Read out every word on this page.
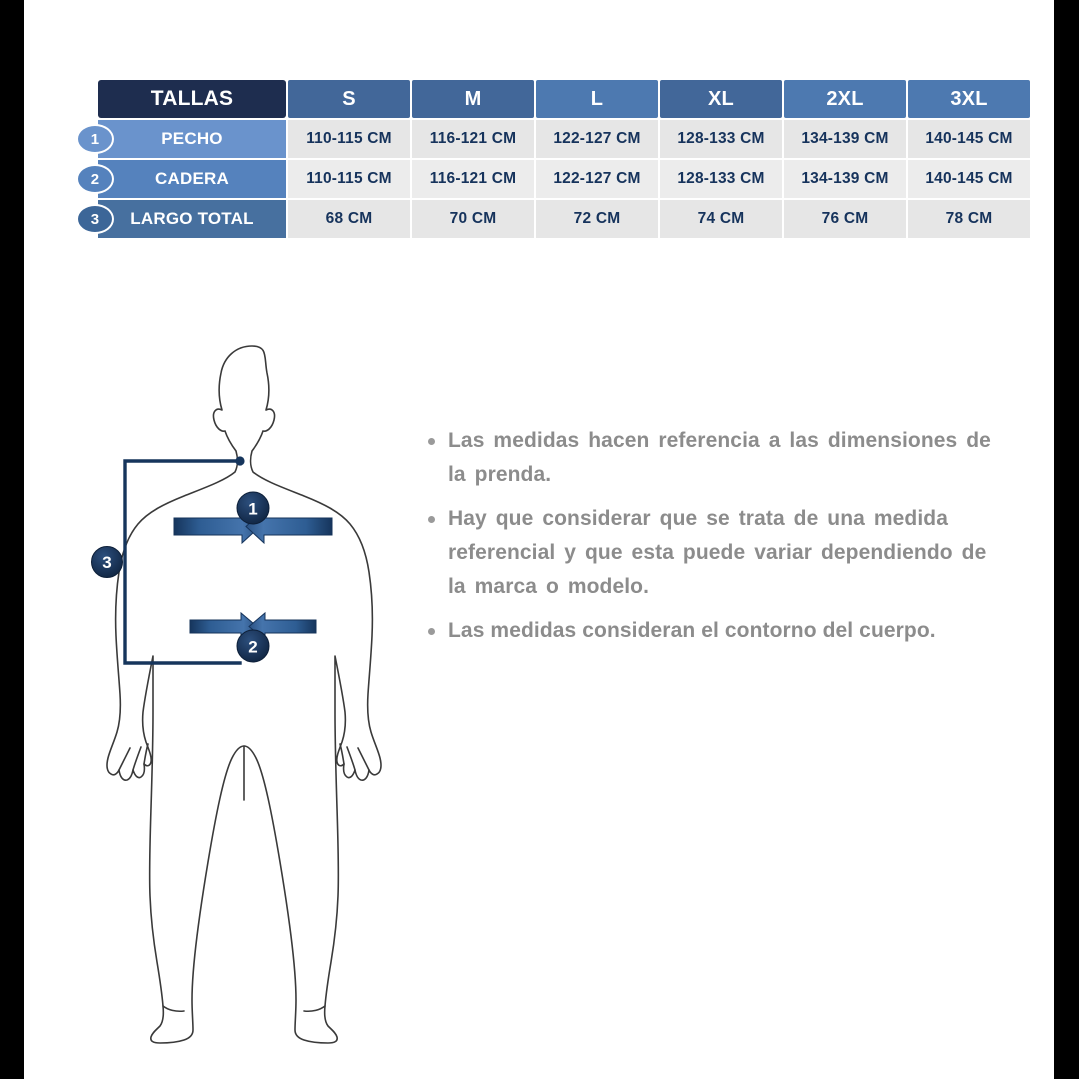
TALLAS	S	M	L	XL	2XL	3XL

1 PECHO	110-115 CM	116-121 CM	122-127 CM	128-133 CM	134-139 CM	140-145 CM

2 CADERA	110-115 CM	116-121 CM	122-127 CM	128-133 CM	134-139 CM	140-145 CM

3 LARGO TOTAL	68 CM	70 CM	72 CM	74 CM	76 CM	78 CM
3
1
2
Las medidas hacen referencia a las dimensiones de la prenda.
Hay que considerar que se trata de una medida referencial y que esta puede variar dependiendo de la marca o modelo.
Las medidas consideran el contorno del cuerpo.
